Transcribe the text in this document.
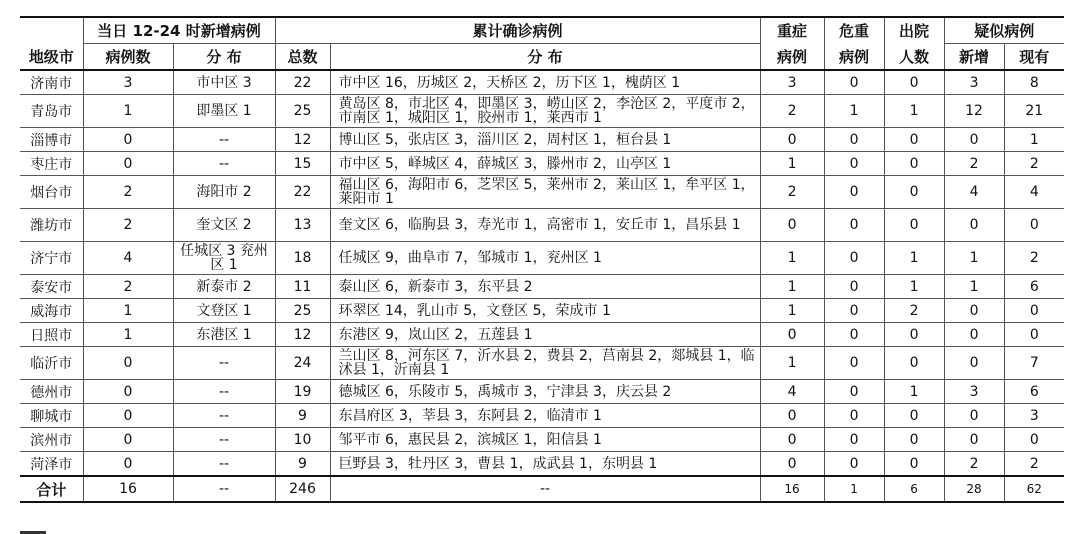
	当日 12-24 时新增病例		累计确诊病例		重症	危重	出院	疑似病例	
地级市	病例数	分 布	总数	分 布	病例	病例	人数	新增	现有
济南市	3	市中区 3	22	市中区 16，历城区 2，天桥区 2，历下区 1，槐荫区 1	3	0	0	3	8
青岛市	1	即墨区 1	25	黄岛区 8，市北区 4，即墨区 3，崂山区 2，李沧区 2，平度市 2，市南区 1，城阳区 1，胶州市 1，莱西市 1	2	1	1	12	21
淄博市	0	--	12	博山区 5，张店区 3，淄川区 2，周村区 1，桓台县 1	0	0	0	0	1
枣庄市	0	--	15	市中区 5，峄城区 4，薛城区 3，滕州市 2，山亭区 1	1	0	0	2	2
烟台市	2	海阳市 2	22	福山区 6，海阳市 6，芝罘区 5，莱州市 2，莱山区 1，牟平区 1，莱阳市 1	2	0	0	4	4
潍坊市	2	奎文区 2	13	奎文区 6，临朐县 3，寿光市 1，高密市 1，安丘市 1，昌乐县 1	0	0	0	0	0
济宁市	4	任城区 3 兖州区 1	18	任城区 9，曲阜市 7，邹城市 1，兖州区 1	1	0	1	1	2
泰安市	2	新泰市 2	11	泰山区 6，新泰市 3，东平县 2	1	0	1	1	6
威海市	1	文登区 1	25	环翠区 14，乳山市 5，文登区 5，荣成市 1	1	0	2	0	0
日照市	1	东港区 1	12	东港区 9，岚山区 2，五莲县 1	0	0	0	0	0
临沂市	0	--	24	兰山区 8，河东区 7，沂水县 2，费县 2，莒南县 2，郯城县 1，临沭县 1，沂南县 1	1	0	0	0	7
德州市	0	--	19	德城区 6，乐陵市 5，禹城市 3，宁津县 3，庆云县 2	4	0	1	3	6
聊城市	0	--	9	东昌府区 3，莘县 3，东阿县 2，临清市 1	0	0	0	0	3
滨州市	0	--	10	邹平市 6，惠民县 2，滨城区 1，阳信县 1	0	0	0	0	0
菏泽市	0	--	9	巨野县 3，牡丹区 3，曹县 1，成武县 1，东明县 1	0	0	0	2	2
合计	16	--	246	--	16	1	6	28	62
